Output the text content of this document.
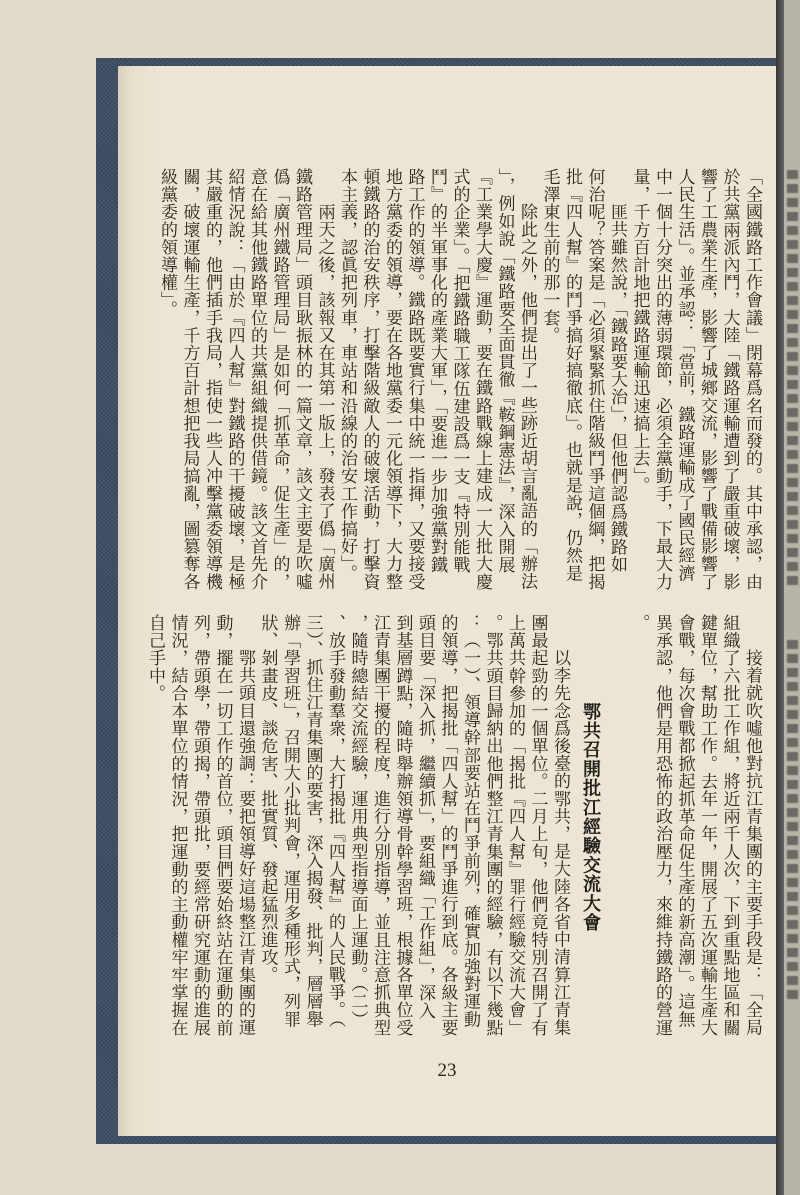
「全國鐵路工作會議」閉幕爲名而發的。其中承認，由
於共黨兩派內鬥，大陸「鐵路運輸遭到了嚴重破壞，影
響了工農業生產，影響了城鄉交流，影響了戰備影響了
人民生活」。並承認：「當前，鐵路運輸成了國民經濟
中一個十分突出的薄弱環節，必須全黨動手，下最大力
量，千方百計地把鐵路運輸迅速搞上去」。
匪共雖然說，「鐵路要大治」，但他們認爲鐵路如
何治呢？答案是「必須緊緊抓住階級鬥爭這個綱，把揭
批『四人幫』的鬥爭搞好搞徹底」。也就是說，仍然是
毛澤東生前的那一套。
除此之外，他們提出了一些跡近胡言亂語的「辦法
」，例如說「鐵路要全面貫徹『鞍鋼憲法』，深入開展
『工業學大慶』運動，要在鐵路戰線上建成一大批大慶
式的企業」。「把鐵路職工隊伍建設爲一支『特別能戰
鬥』的半軍事化的產業大軍」，「要進一步加強黨對鐵
路工作的領導。鐵路既要實行集中統一指揮，又要接受
地方黨委的領導，要在各地黨委一元化領導下，大力整
頓鐵路的治安秩序，打擊階級敵人的破壞活動，打擊資
本主義，認眞把列車，車站和沿線的治安工作搞好」。
兩天之後，該報又在其第一版上，發表了僞「廣州
鐵路管理局」頭目耿振林的一篇文章，該文主要是吹噓
僞「廣州鐵路管理局」是如何「抓革命，促生產」的，
意在給其他鐵路單位的共黨組織提供借鏡。該文首先介
紹情況說：「由於『四人幫』對鐵路的干擾破壞，是極
其嚴重的，他們插手我局，指使一些人冲擊黨委領導機
關，破壞運輸生產，千方百計想把我局搞亂，圖篡奪各
級黨委的領導權」。
接着就吹噓他對抗江青集團的主要手段是：「全局
組織了六批工作組，將近兩千人次，下到重點地區和關
鍵單位，幫助工作。去年一年，開展了五次運輸生產大
會戰，每次會戰都掀起抓革命促生產的新高潮」。這無
異承認，他們是用恐怖的政治壓力，來維持鐵路的營運
。
鄂共召開批江經驗交流大會
以李先念爲後臺的鄂共，是大陸各省中清算江青集
團最起勁的一個單位。二月上旬，他們竟特別召開了有
上萬共幹參加的「揭批『四人幫』罪行經驗交流大會」
。鄂共頭目歸納出他們整江青集團的經驗，有以下幾點
：（一）、領導幹部要站在鬥爭前列，確實加強對運動
的領導，把揭批「四人幫」的鬥爭進行到底。各級主要
頭目要「深入抓，繼續抓」，要組織「工作組」，深入
到基層蹲點，隨時舉辦領導骨幹學習班，根據各單位受
江青集團干擾的程度，進行分別指導，並且注意抓典型
，隨時總結交流經驗，運用典型指導面上運動。（二）
、放手發動羣衆，大打揭批『四人幫』的人民戰爭。（
三）、抓住江青集團的要害，深入揭發、批判，層層舉
辦「學習班」，召開大小批判會，運用多種形式，列罪
狀、剝畫皮、談危害、批實質、發起猛烈進攻。
鄂共頭目還強調：要把領導好這場整江青集團的運
動，擺在一切工作的首位，頭目們要始終站在運動的前
列，帶頭學，帶頭揭，帶頭批，要經常研究運動的進展
情況，結合本單位的情況，把運動的主動權牢牢掌握在
自己手中。
23
